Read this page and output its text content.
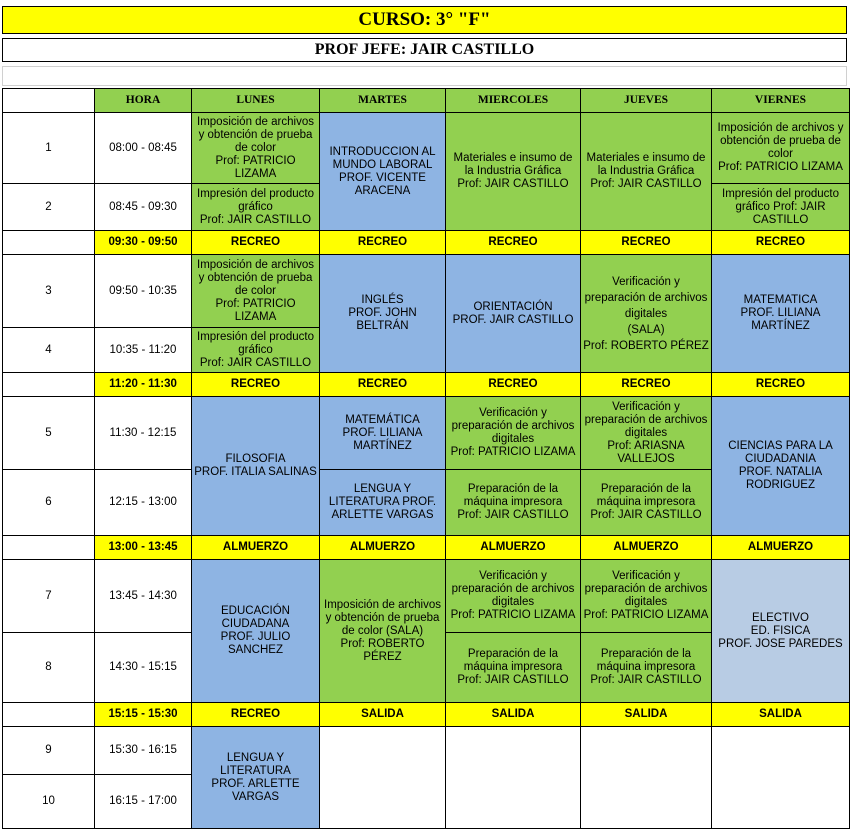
CURSO: 3° "F"
PROF JEFE: JAIR CASTILLO
	HORA	LUNES	MARTES	MIERCOLES	JUEVES	VIERNES
1	08:00 - 08:45	Imposición de archivos y obtención de prueba de color
Prof: PATRICIO LIZAMA	INTRODUCCION AL MUNDO LABORAL
PROF. VICENTE ARACENA	Materiales e insumo de la Industria Gráfica
Prof: JAIR CASTILLO	Materiales e insumo de la Industria Gráfica
Prof: JAIR CASTILLO	Imposición de archivos y obtención de prueba de color
Prof: PATRICIO LIZAMA

2	08:45 - 09:30	Impresión del producto gráfico
Prof: JAIR CASTILLO				Impresión del producto gráfico Prof: JAIR CASTILLO

	09:30 - 09:50	RECREO	RECREO	RECREO	RECREO	RECREO
3	09:50 - 10:35	Imposición de archivos y obtención de prueba de color
Prof: PATRICIO LIZAMA	INGLÉS
PROF. JOHN BELTRÁN	ORIENTACIÓN
PROF. JAIR CASTILLO	Verificación y preparación de archivos digitales
(SALA)
Prof: ROBERTO PÉREZ	MATEMATICA
PROF. LILIANA MARTÍNEZ

4	10:35 - 11:20	Impresión del producto gráfico
Prof: JAIR CASTILLO				

	11:20 - 11:30	RECREO	RECREO	RECREO	RECREO	RECREO
5	11:30 - 12:15	FILOSOFIA
PROF. ITALIA SALINAS	MATEMÁTICA
PROF. LILIANA MARTÍNEZ	Verificación y preparación de archivos digitales
Prof: PATRICIO LIZAMA	Verificación y preparación de archivos digitales
Prof: ARIASNA VALLEJOS	CIENCIAS PARA LA CIUDADANIA
PROF. NATALIA RODRIGUEZ

6	12:15 - 13:00		LENGUA Y LITERATURA PROF. ARLETTE VARGAS	Preparación de la máquina impresora
Prof: JAIR CASTILLO	Preparación de la máquina impresora
Prof: JAIR CASTILLO	

	13:00 - 13:45	ALMUERZO	ALMUERZO	ALMUERZO	ALMUERZO	ALMUERZO
7	13:45 - 14:30	EDUCACIÓN CIUDADANA
PROF. JULIO SANCHEZ	Imposición de archivos y obtención de prueba de color (SALA)
Prof: ROBERTO PÉREZ	Verificación y preparación de archivos digitales
Prof: PATRICIO LIZAMA	Verificación y preparación de archivos digitales
Prof: PATRICIO LIZAMA	ELECTIVO
ED. FISICA
PROF. JOSE PAREDES

8	14:30 - 15:15			Preparación de la máquina impresora
Prof: JAIR CASTILLO	Preparación de la máquina impresora
Prof: JAIR CASTILLO	

	15:15 - 15:30	RECREO	SALIDA	SALIDA	SALIDA	SALIDA
9	15:30 - 16:15	LENGUA Y LITERATURA
PROF. ARLETTE VARGAS				

10	16:15 - 17:00					
